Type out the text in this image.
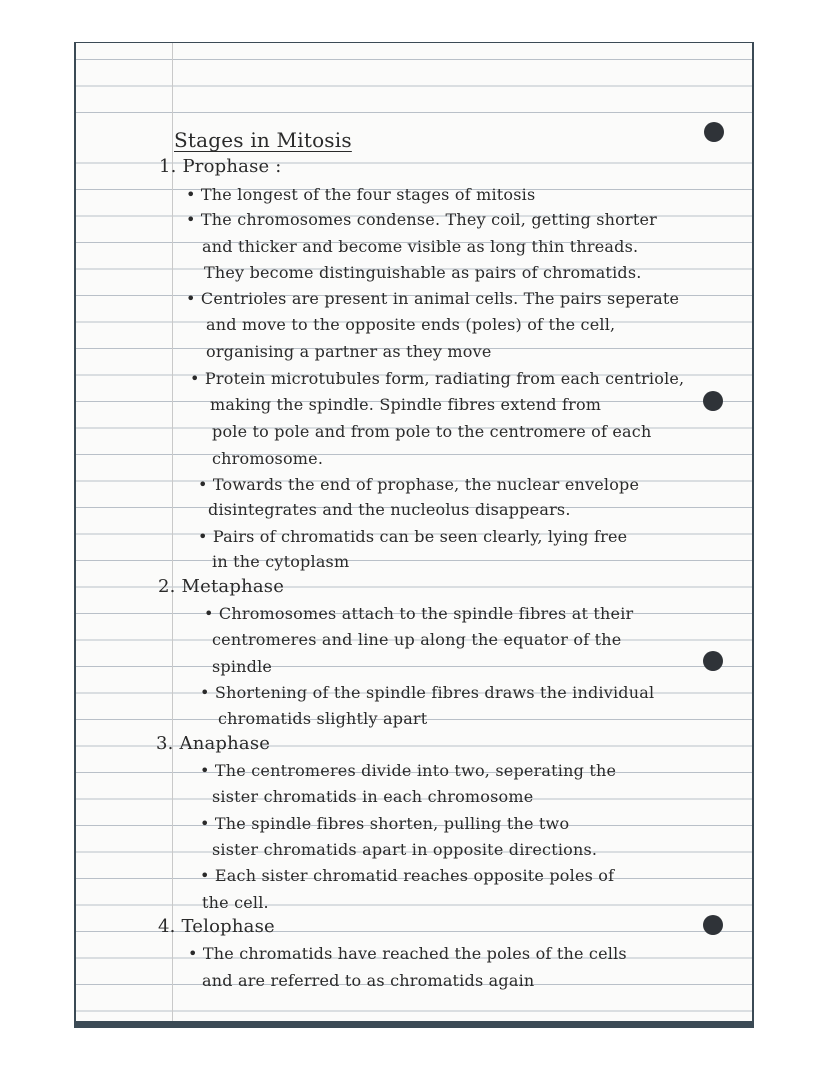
Stages in Mitosis
1. Prophase :
• The longest of the four stages of mitosis
• The chromosomes condense. They coil, getting shorter
and thicker and become visible as long thin threads.
They become distinguishable as pairs of chromatids.
• Centrioles are present in animal cells. The pairs seperate
and move to the opposite ends (poles) of the cell,
organising a partner as they move
• Protein microtubules form, radiating from each centriole,
making the spindle. Spindle fibres extend from
pole to pole and from pole to the centromere of each
chromosome.
• Towards the end of prophase, the nuclear envelope
disintegrates and the nucleolus disappears.
• Pairs of chromatids can be seen clearly, lying free
in the cytoplasm
2. Metaphase
• Chromosomes attach to the spindle fibres at their
centromeres and line up along the equator of the
spindle
• Shortening of the spindle fibres draws the individual
chromatids slightly apart
3. Anaphase
• The centromeres divide into two, seperating the
sister chromatids in each chromosome
• The spindle fibres shorten, pulling the two
sister chromatids apart in opposite directions.
• Each sister chromatid reaches opposite poles of
the cell.
4. Telophase
• The chromatids have reached the poles of the cells
and are referred to as chromatids again
